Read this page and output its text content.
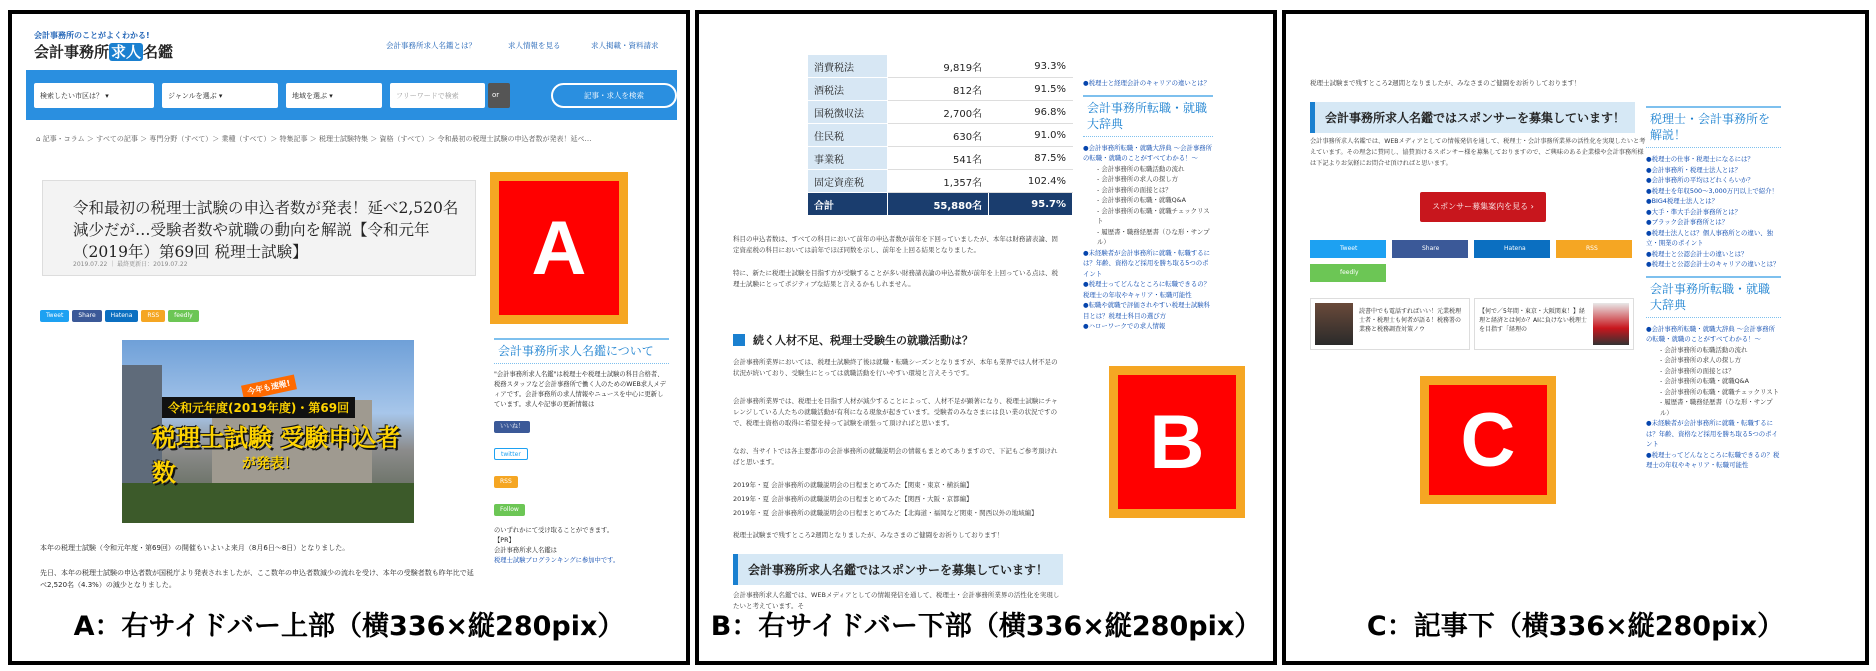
会計事務所のことがよくわかる!
会計事務所 求人 名鑑	会計事務所求人名鑑とは？	求人情報を見る	求人掲載・資料請求
検索したい市区は？ ▾	ジャンルを選ぶ ▾	地域を選ぶ ▾	フリーワードで検索	or	記事・求人を検索
⌂ 記事・コラム ＞ すべての記事 ＞ 専門分野（すべて）＞ 業種（すべて）＞ 特集記事 ＞ 税理士試験特集 ＞ 資格（すべて）＞ 令和最初の税理士試験の申込者数が発表！延べ…
令和最初の税理士試験の申込者数が発表！延べ2,520名減少だが…受験者数や就職の動向を解説【令和元年（2019年）第69回 税理士試験】
2019.07.22 ｜ 最終更新日：2019.07.22
Tweet	Share	Hatena	RSS	feedly
今年も速報!
令和元年度(2019年度)・第69回
税理士試験 受験申込者数	が発表！
本年の税理士試験（令和元年度・第69回）の開催もいよいよ来月（8月6日〜8日）となりました。
先日、本年の税理士試験の申込者数が国税庁より発表されましたが、ここ数年の申込者数減少の流れを受け、本年の受験者数も昨年比で延べ2,520名（4.3%）の減少となりました。
会計事務所求人名鑑について
"会計事務所求人名鑑"は税理士や税理士試験の科目合格者、税務スタッフなど会計事務所で働く人のためのWEB求人メディアです。会計事務所の求人情報やニュースを中心に更新しています。求人や記事の更新情報は
いいね！
twitter
RSS
Follow
のいずれかにて受け取ることができます。
【PR】
会計事務所求人名鑑は
税理士試験ブログランキングに参加中です。
A
A：右サイドバー上部（横336×縦280pix）
消費税法	9,819名	93.3%
酒税法	812名	91.5%
国税徴収法	2,700名	96.8%
住民税	630名	91.0%
事業税	541名	87.5%
固定資産税	1,357名	102.4%
合計	55,880名	95.7%
科目の申込者数は、すべての科目において前年の申込者数が前年を下回っていましたが、本年は財務諸表論、固定資産税の科目においては前年でほぼ同数を示し、前年を上回る結果となりました。
特に、新たに税理士試験を目指す方が受験することが多い財務諸表論の申込者数が前年を上回っている点は、税理士試験にとってポジティブな結果と言えるかもしれません。
続く人材不足、税理士受験生の就職活動は？
会計事務所業界においては、税理士試験終了後は就職・転職シーズンとなりますが、本年も業界では人材不足の状況が続いており、受験生にとっては就職活動を行いやすい環境と言えそうです。
会計事務所業界では、税理士を目指す人材が減少することによって、人材不足が顕著になり、税理士試験にチャレンジしている人たちの就職活動が有利になる現象が起きています。受験者のみなさまには良い業の状況ですので、税理士資格の取得に希望を持って試験を頑張って頂ければと思います。
なお、当サイトでは各主要都市の会計事務所の就職説明会の情報もまとめてありますので、下記もご参考頂ければと思います。
2019年・夏 会計事務所の就職説明会の日程まとめてみた【関東・東京・横浜編】
2019年・夏 会計事務所の就職説明会の日程まとめてみた【関西・大阪・京都編】
2019年・夏 会計事務所の就職説明会の日程まとめてみた【北海道・福岡など関東・関西以外の地域編】
税理士試験まで残すところ2週間となりましたが、みなさまのご健闘をお祈りしております！
会計事務所求人名鑑ではスポンサーを募集しています！
会計事務所求人名鑑では、WEBメディアとしての情報発信を通して、税理士・会計事務所業界の活性化を実現したいと考えています。そ
●税理士と経理会計のキャリアの違いとは？
会計事務所転職・就職大辞典
●会計事務所転職・就職大辞典 〜会計事務所の転職・就職のことがすべてわかる！〜
- 会計事務所の転職活動の流れ
- 会計事務所の求人の探し方
- 会計事務所の面接とは？
- 会計事務所の転職・就職Q&A
- 会計事務所の転職・就職チェックリスト
- 履歴書・職務経歴書（ひな形・サンプル）
●未経験者が会計事務所に就職・転職するには？年齢、資格など採用を勝ち取る5つのポイント
●税理士ってどんなところに転職できるの？税理士の年収やキャリア・転職可能性
●転職や就職で評価されやすい税理士試験科目とは？税理士科目の選び方
●ハローワークでの求人情報
B
B：右サイドバー下部（横336×縦280pix）
税理士試験まで残すところ2週間となりましたが、みなさまのご健闘をお祈りしております！
会計事務所求人名鑑ではスポンサーを募集しています！
会計事務所求人名鑑では、WEBメディアとしての情報発信を通して、税理士・会計事務所業界の活性化を実現したいと考えています。その理念に賛同し、協賛頂けるスポンサー様を募集しておりますので、ご興味のある企業様や会計事務所様は下記よりお気軽にお問合せ頂ければと思います。
スポンサー募集案内を見る ›
Tweet	Share	Hatena	RSS
feedly
読書中でも電話すればいい！元業税理士者・税理士も何者が語る！税務署の業務と税務調査対策ノウ
【何で／5年間・東京・大阪関東！】経理と経済とは何か？AIに負けない税理士を目指す「経理の
税理士・会計事務所を解説！
●税理士の仕事・税理士になるには？
●会計事務所・税理士法人とは？
●会計事務所の平均はどれくらいか？
●税理士を年収500〜3,000万円以上で紹介！
●BIG4税理士法人とは？
●大手・準大手会計事務所とは？
●ブラック会計事務所とは？
●税理士法人とは？個人事務所との違い、独立・開業のポイント
●税理士と公認会計士の違いとは？
●税理士と公認会計士のキャリアの違いとは？
会計事務所転職・就職大辞典
●会計事務所転職・就職大辞典 〜会計事務所の転職・就職のことがすべてわかる！〜
- 会計事務所の転職活動の流れ
- 会計事務所の求人の探し方
- 会計事務所の面接とは？
- 会計事務所の転職・就職Q&A
- 会計事務所の転職・就職チェックリスト
- 履歴書・職務経歴書（ひな形・サンプル）
●未経験者が会計事務所に就職・転職するには？年齢、資格など採用を勝ち取る5つのポイント
●税理士ってどんなところに転職できるの？税理士の年収やキャリア・転職可能性
C
C：記事下（横336×縦280pix）
